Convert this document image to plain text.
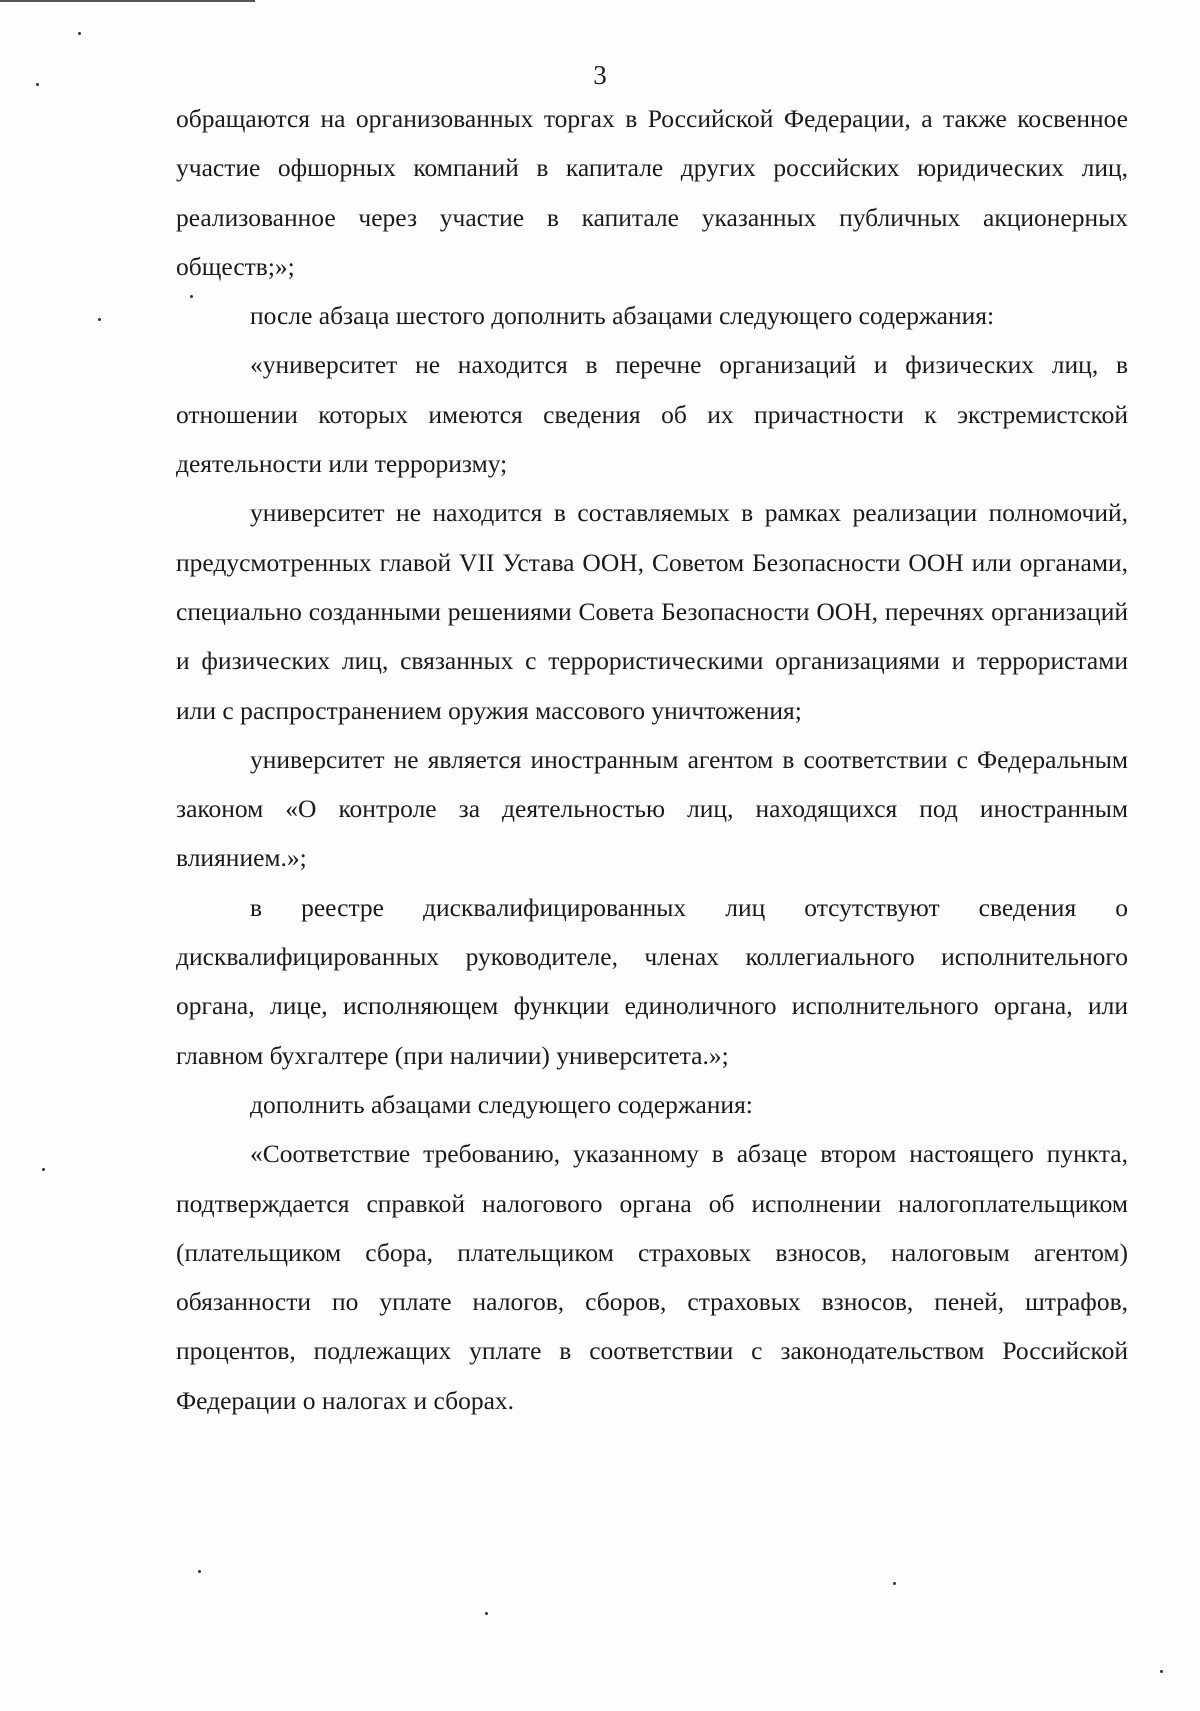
3

обращаются на организованных торгах в Российской Федерации, а также косвенное участие офшорных компаний в капитале других российских юридических лиц, реализованное через участие в капитале указанных публичных акционерных обществ;»;

после абзаца шестого дополнить абзацами следующего содержания:

«университет не находится в перечне организаций и физических лиц, в отношении которых имеются сведения об их причастности к экстремистской деятельности или терроризму;

университет не находится в составляемых в рамках реализации полномочий, предусмотренных главой VII Устава ООН, Советом Безопасности ООН или органами, специально созданными решениями Совета Безопасности ООН, перечнях организаций и физических лиц, связанных с террористическими организациями и террористами или с распространением оружия массового уничтожения;

университет не является иностранным агентом в соответствии с Федеральным законом «О контроле за деятельностью лиц, находящихся под иностранным влиянием.»;

в реестре дисквалифицированных лиц отсутствуют сведения о дисквалифицированных руководителе, членах коллегиального исполнительного органа, лице, исполняющем функции единоличного исполнительного органа, или главном бухгалтере (при наличии) университета.»;

дополнить абзацами следующего содержания:

«Соответствие требованию, указанному в абзаце втором настоящего пункта, подтверждается справкой налогового органа об исполнении налогоплательщиком (плательщиком сбора, плательщиком страховых взносов, налоговым агентом) обязанности по уплате налогов, сборов, страховых взносов, пеней, штрафов, процентов, подлежащих уплате в соответствии с законодательством Российской Федерации о налогах и сборах.
